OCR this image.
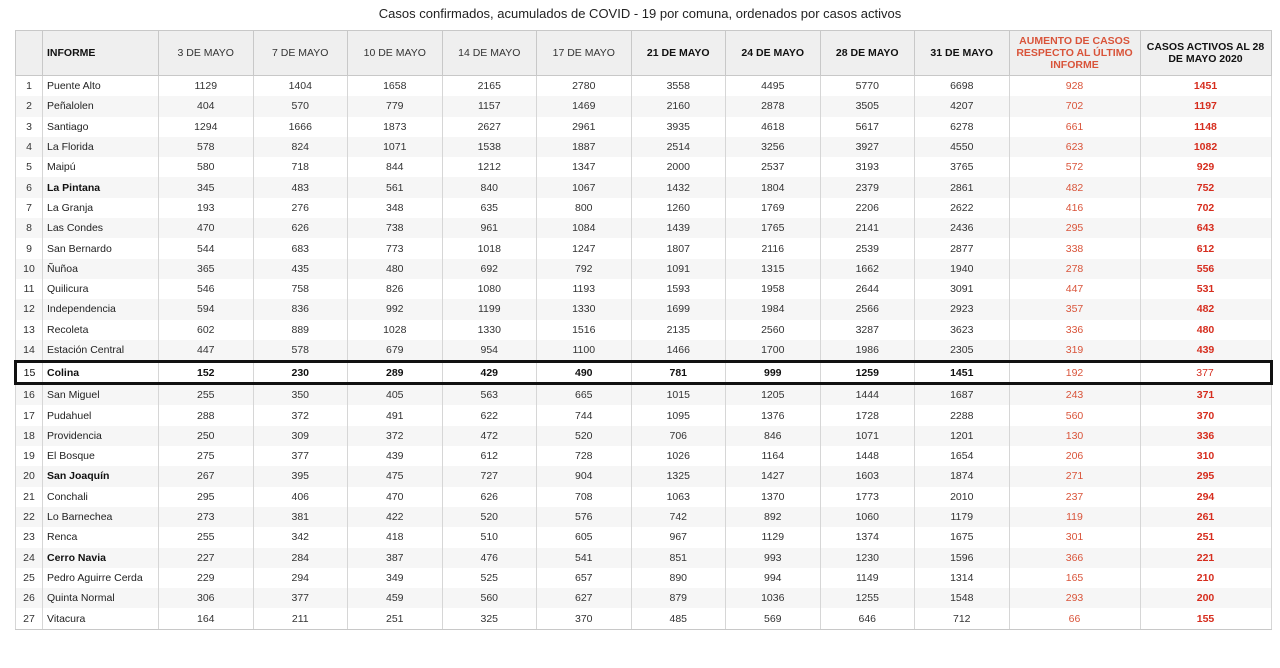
Casos confirmados, acumulados de COVID - 19 por comuna, ordenados por casos activos
	INFORME	3 DE MAYO	7 DE MAYO	10 DE MAYO	14 DE MAYO	17 DE MAYO	21 DE MAYO	24 DE MAYO	28 DE MAYO	31 DE MAYO	AUMENTO DE CASOS RESPECTO AL ÚLTIMO INFORME	CASOS ACTIVOS AL 28 DE MAYO 2020
1	Puente Alto	1129	1404	1658	2165	2780	3558	4495	5770	6698	928	1451
2	Peñalolen	404	570	779	1157	1469	2160	2878	3505	4207	702	1197
3	Santiago	1294	1666	1873	2627	2961	3935	4618	5617	6278	661	1148
4	La Florida	578	824	1071	1538	1887	2514	3256	3927	4550	623	1082
5	Maipú	580	718	844	1212	1347	2000	2537	3193	3765	572	929
6	La Pintana	345	483	561	840	1067	1432	1804	2379	2861	482	752
7	La Granja	193	276	348	635	800	1260	1769	2206	2622	416	702
8	Las Condes	470	626	738	961	1084	1439	1765	2141	2436	295	643
9	San Bernardo	544	683	773	1018	1247	1807	2116	2539	2877	338	612
10	Ñuñoa	365	435	480	692	792	1091	1315	1662	1940	278	556
11	Quilicura	546	758	826	1080	1193	1593	1958	2644	3091	447	531
12	Independencia	594	836	992	1199	1330	1699	1984	2566	2923	357	482
13	Recoleta	602	889	1028	1330	1516	2135	2560	3287	3623	336	480
14	Estación Central	447	578	679	954	1100	1466	1700	1986	2305	319	439
15	Colina	152	230	289	429	490	781	999	1259	1451	192	377
16	San Miguel	255	350	405	563	665	1015	1205	1444	1687	243	371
17	Pudahuel	288	372	491	622	744	1095	1376	1728	2288	560	370
18	Providencia	250	309	372	472	520	706	846	1071	1201	130	336
19	El Bosque	275	377	439	612	728	1026	1164	1448	1654	206	310
20	San Joaquín	267	395	475	727	904	1325	1427	1603	1874	271	295
21	Conchali	295	406	470	626	708	1063	1370	1773	2010	237	294
22	Lo Barnechea	273	381	422	520	576	742	892	1060	1179	119	261
23	Renca	255	342	418	510	605	967	1129	1374	1675	301	251
24	Cerro Navia	227	284	387	476	541	851	993	1230	1596	366	221
25	Pedro Aguirre Cerda	229	294	349	525	657	890	994	1149	1314	165	210
26	Quinta Normal	306	377	459	560	627	879	1036	1255	1548	293	200
27	Vitacura	164	211	251	325	370	485	569	646	712	66	155
